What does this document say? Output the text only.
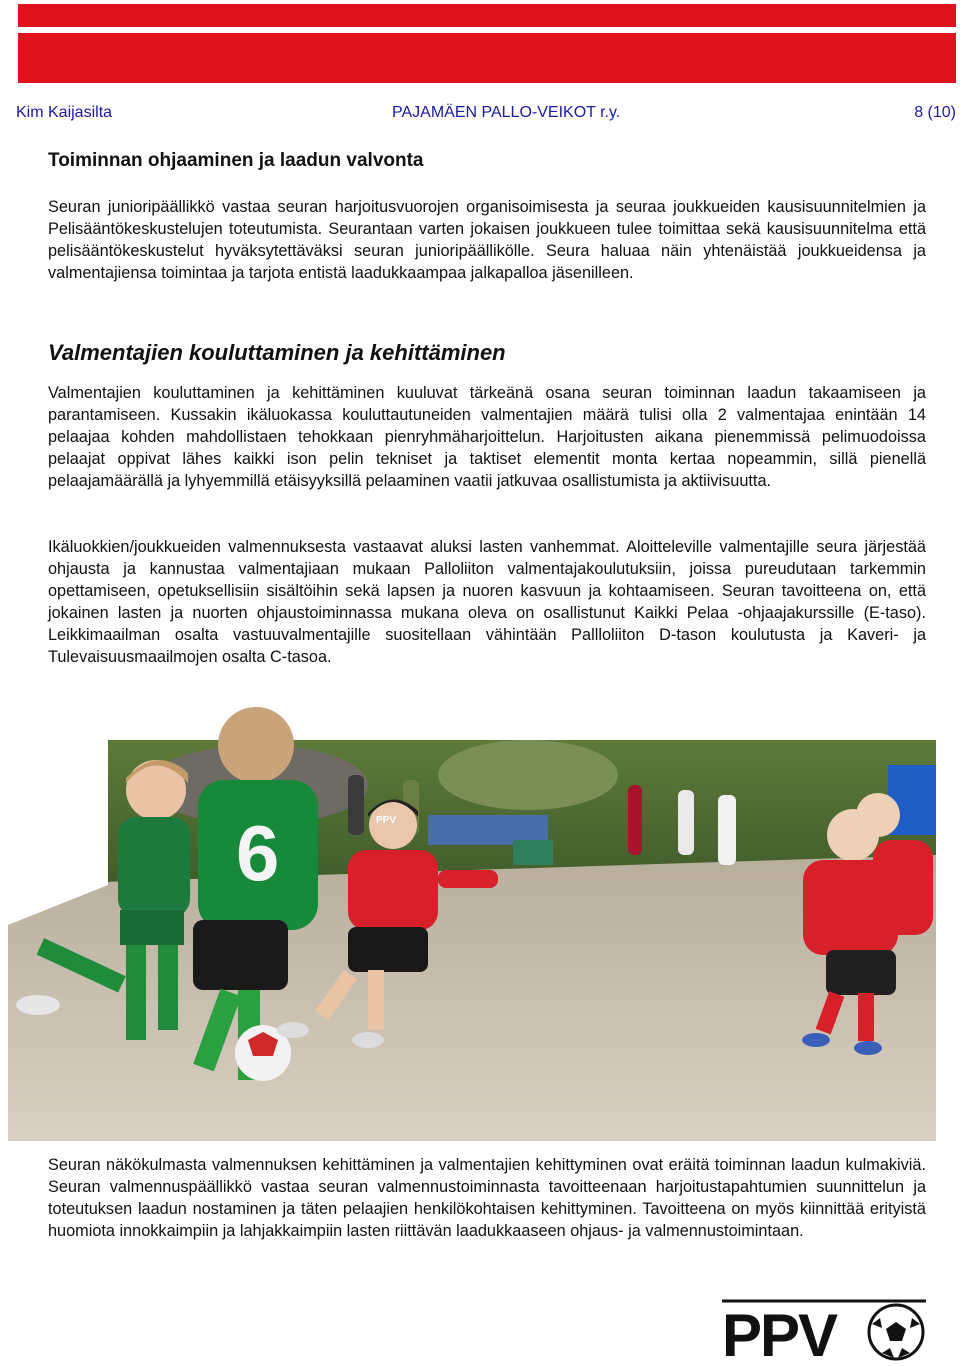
Kim Kaijasilta	PAJAMÄEN PALLO-VEIKOT r.y.	8 (10)
Toiminnan ohjaaminen ja laadun valvonta

Seuran junioripäällikkö vastaa seuran harjoitusvuorojen organisoimisesta ja seuraa joukkueiden kausisuunnitelmien ja Pelisääntökeskustelujen toteutumista. Seurantaan varten jokaisen joukkueen tulee toimittaa sekä kausisuunnitelma että pelisääntökeskustelut hyväksytettäväksi seuran junioripäällikölle. Seura haluaa näin yhtenäistää joukkueidensa ja valmentajiensa toimintaa ja tarjota entistä laadukkaampaa jalkapalloa jäsenilleen.

Valmentajien kouluttaminen ja kehittäminen

Valmentajien kouluttaminen ja kehittäminen kuuluvat tärkeänä osana seuran toiminnan laadun takaamiseen ja parantamiseen. Kussakin ikäluokassa kouluttautuneiden valmentajien määrä tulisi olla 2 valmentajaa enintään 14 pelaajaa kohden mahdollistaen tehokkaan pienryhmäharjoittelun. Harjoitusten aikana pienemmissä pelimuodoissa pelaajat oppivat lähes kaikki ison pelin tekniset ja taktiset elementit monta kertaa nopeammin, sillä pienellä pelaajamäärällä ja lyhyemmillä etäisyyksillä pelaaminen vaatii jatkuvaa osallistumista ja aktiivisuutta.

Ikäluokkien/joukkueiden valmennuksesta vastaavat aluksi lasten vanhemmat. Aloitteleville valmentajille seura järjestää ohjausta ja kannustaa valmentajiaan mukaan Palloliiton valmentajakoulutuksiin, joissa pureudutaan tarkemmin opettamiseen, opetuksellisiin sisältöihin sekä lapsen ja nuoren kasvuun ja kohtaamiseen. Seuran tavoitteena on, että jokainen lasten ja nuorten ohjaustoiminnassa mukana oleva on osallistunut Kaikki Pelaa -ohjaajakurssille (E-taso). Leikkimaailman osalta vastuuvalmentajille suositellaan vähintään Pallloliiton D-tason koulutusta ja Kaveri- ja Tulevaisuusmaailmojen osalta C-tasoa.

6	PPV

Seuran näkökulmasta valmennuksen kehittäminen ja valmentajien kehittyminen ovat eräitä toiminnan laadun kulmakiviä. Seuran valmennuspäällikkö vastaa seuran valmennustoiminnasta tavoitteenaan harjoitustapahtumien suunnittelun ja toteutuksen laadun nostaminen ja täten pelaajien henkilökohtaisen kehittyminen. Tavoitteena on myös kiinnittää erityistä huomiota innokkaimpiin ja lahjakkaimpiin lasten riittävän laadukkaaseen ohjaus- ja valmennustoimintaan.

PPV
